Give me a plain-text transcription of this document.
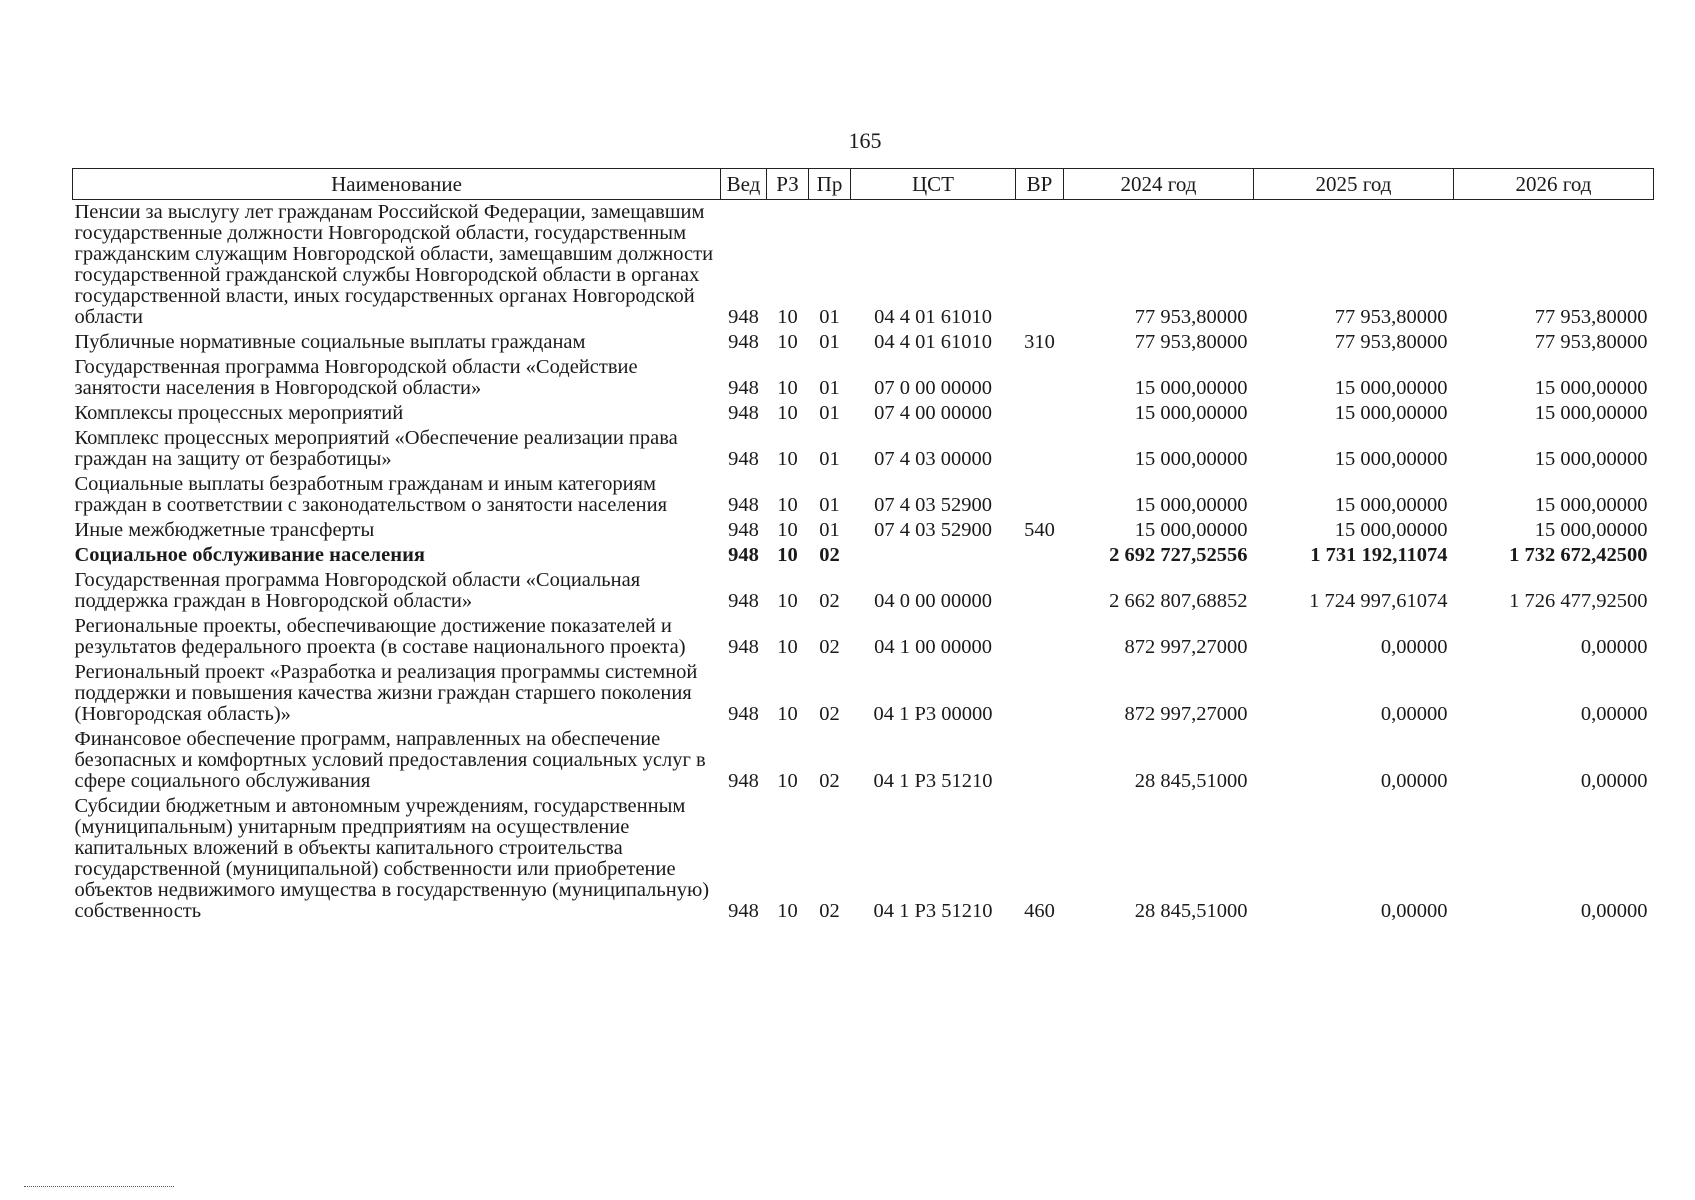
165
Наименование	Вед	РЗ	Пр	ЦСТ	ВР	2024 год	2025 год	2026 год
Пенсии за выслугу лет гражданам Российской Федерации, замещавшим государственные должности Новгородской области, государственным гражданским служащим Новгородской области, замещавшим должности государственной гражданской службы Новгородской области в органах государственной власти, иных государственных органах Новгородской области	948	10	01	04 4 01 61010		77 953,80000	77 953,80000	77 953,80000
Публичные нормативные социальные выплаты гражданам	948	10	01	04 4 01 61010	310	77 953,80000	77 953,80000	77 953,80000
Государственная программа Новгородской области «Содействие занятости населения в Новгородской области»	948	10	01	07 0 00 00000		15 000,00000	15 000,00000	15 000,00000
Комплексы процессных мероприятий	948	10	01	07 4 00 00000		15 000,00000	15 000,00000	15 000,00000
Комплекс процессных мероприятий «Обеспечение реализации права граждан на защиту от безработицы»	948	10	01	07 4 03 00000		15 000,00000	15 000,00000	15 000,00000
Социальные выплаты безработным гражданам и иным категориям граждан в соответствии с законодательством о занятости населения	948	10	01	07 4 03 52900		15 000,00000	15 000,00000	15 000,00000
Иные межбюджетные трансферты	948	10	01	07 4 03 52900	540	15 000,00000	15 000,00000	15 000,00000
Социальное обслуживание населения	948	10	02			2 692 727,52556	1 731 192,11074	1 732 672,42500
Государственная программа Новгородской области «Социальная поддержка граждан в Новгородской области»	948	10	02	04 0 00 00000		2 662 807,68852	1 724 997,61074	1 726 477,92500
Региональные проекты, обеспечивающие достижение показателей и результатов федерального проекта (в составе национального проекта)	948	10	02	04 1 00 00000		872 997,27000	0,00000	0,00000
Региональный проект «Разработка и реализация программы системной поддержки и повышения качества жизни граждан старшего поколения (Новгородская область)»	948	10	02	04 1 P3 00000		872 997,27000	0,00000	0,00000
Финансовое обеспечение программ, направленных на обеспечение безопасных и комфортных условий предоставления социальных услуг в сфере социального обслуживания	948	10	02	04 1 P3 51210		28 845,51000	0,00000	0,00000
Субсидии бюджетным и автономным учреждениям, государственным (муниципальным) унитарным предприятиям на осуществление капитальных вложений в объекты капитального строительства государственной (муниципальной) собственности или приобретение объектов недвижимого имущества в государственную (муниципальную) собственность	948	10	02	04 1 P3 51210	460	28 845,51000	0,00000	0,00000
